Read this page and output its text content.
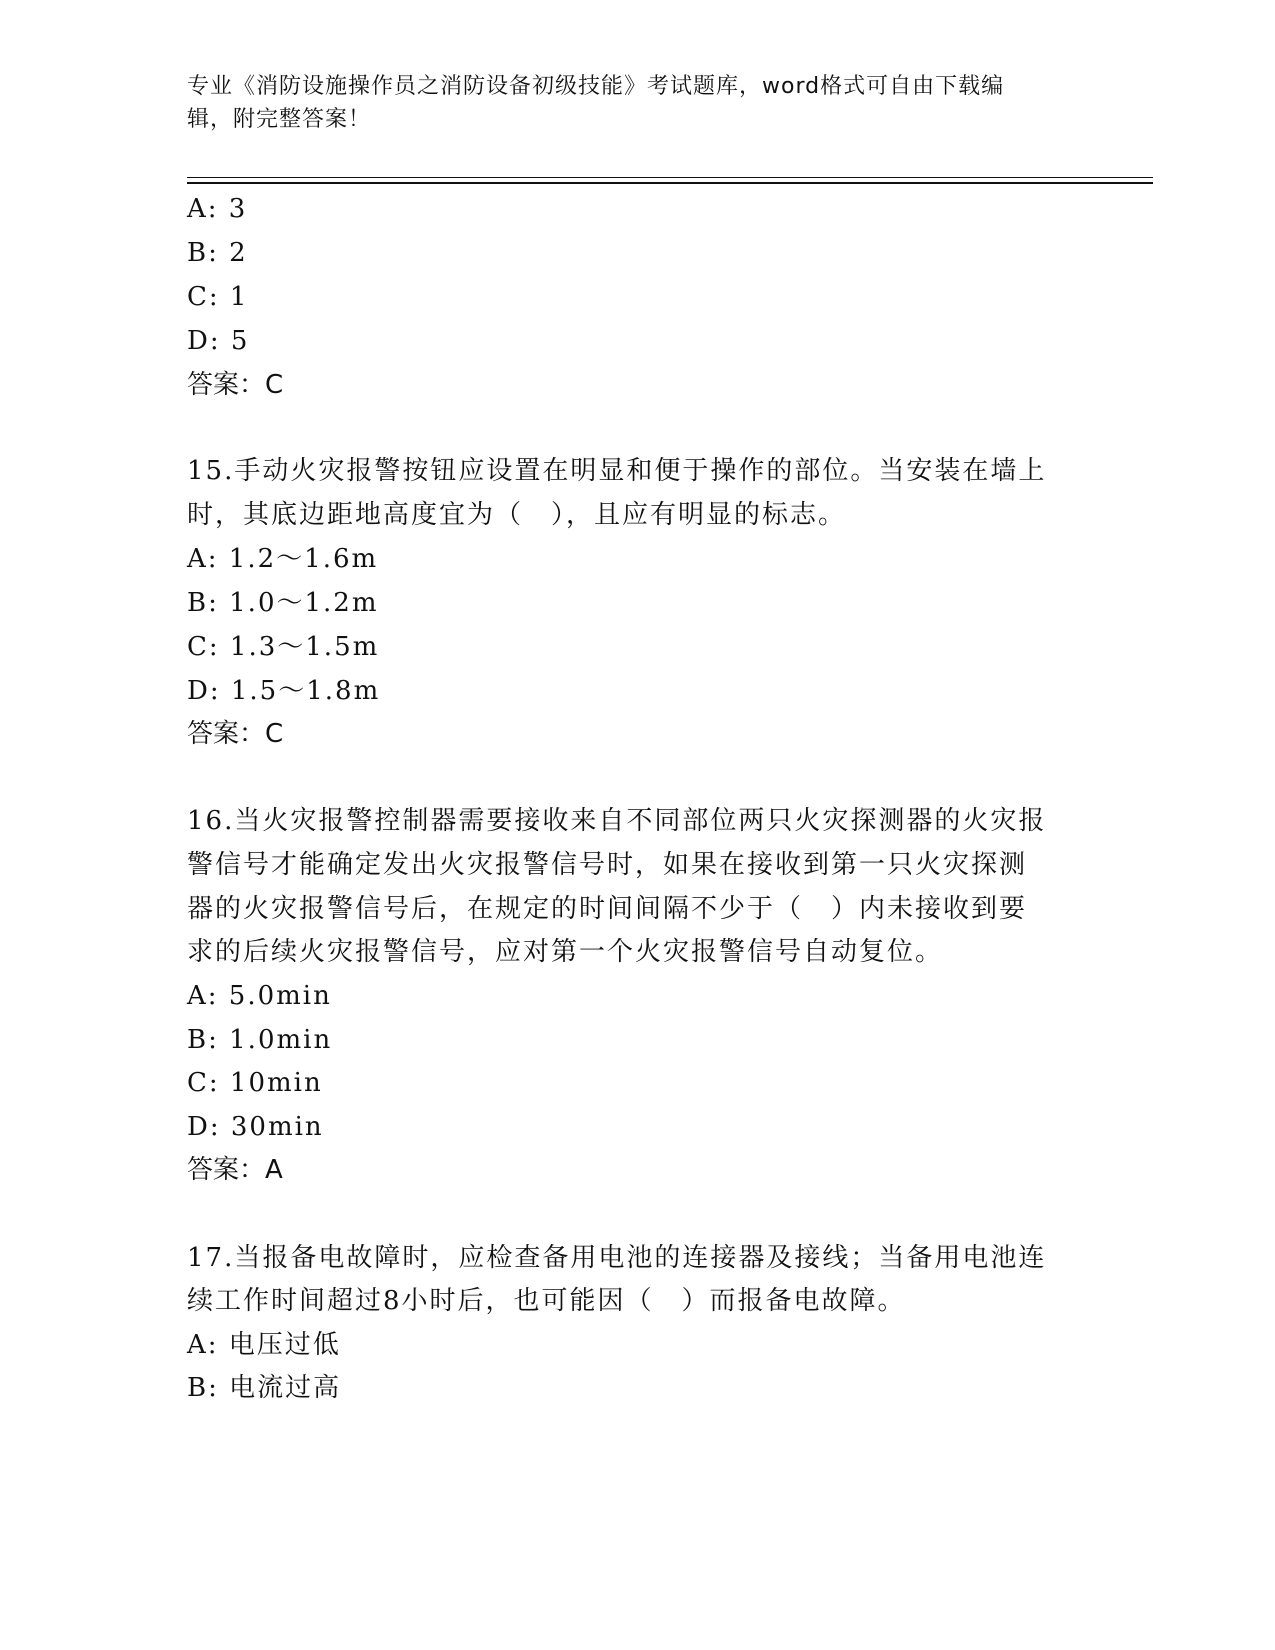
专业《消防设施操作员之消防设备初级技能》考试题库，word格式可自由下载编
辑，附完整答案！
A: 3
B: 2
C: 1
D: 5
答案：C
15.手动火灾报警按钮应设置在明显和便于操作的部位。当安装在墙上
时，其底边距地高度宜为（　），且应有明显的标志。
A: 1.2～1.6m
B: 1.0～1.2m
C: 1.3～1.5m
D: 1.5～1.8m
答案：C
16.当火灾报警控制器需要接收来自不同部位两只火灾探测器的火灾报
警信号才能确定发出火灾报警信号时，如果在接收到第一只火灾探测
器的火灾报警信号后，在规定的时间间隔不少于（　）内未接收到要
求的后续火灾报警信号，应对第一个火灾报警信号自动复位。
A: 5.0min
B: 1.0min
C: 10min
D: 30min
答案：A
17.当报备电故障时，应检查备用电池的连接器及接线；当备用电池连
续工作时间超过8小时后，也可能因（　）而报备电故障。
A: 电压过低
B: 电流过高
